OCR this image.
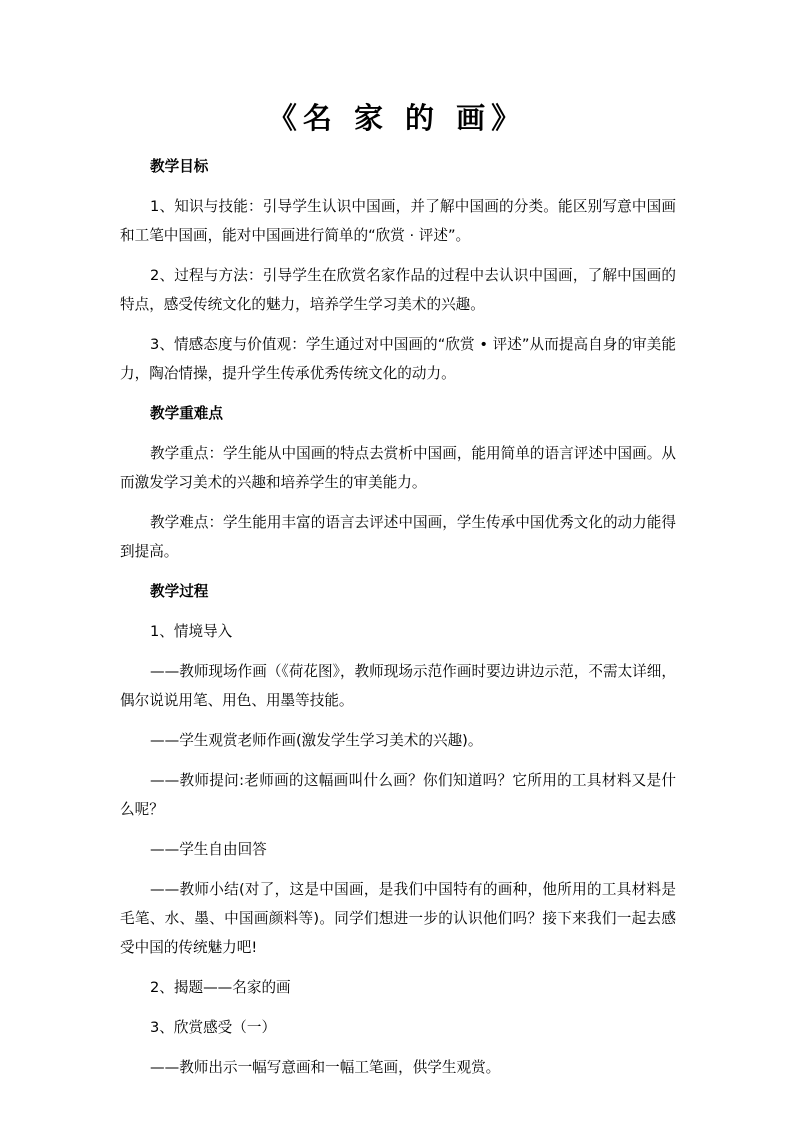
《名 家 的 画》

教学目标

1、知识与技能：引导学生认识中国画，并了解中国画的分类。能区别写意中国画和工笔中国画，能对中国画进行简单的“欣赏 · 评述”。

2、过程与方法：引导学生在欣赏名家作品的过程中去认识中国画，了解中国画的特点，感受传统文化的魅力，培养学生学习美术的兴趣。

3、情感态度与价值观：学生通过对中国画的“欣赏 • 评述”从而提高自身的审美能力，陶冶情操，提升学生传承优秀传统文化的动力。

教学重难点

教学重点：学生能从中国画的特点去赏析中国画，能用简单的语言评述中国画。从而激发学习美术的兴趣和培养学生的审美能力。

教学难点：学生能用丰富的语言去评述中国画，学生传承中国优秀文化的动力能得到提高。

教学过程

1、情境导入

——教师现场作画（《荷花图》，教师现场示范作画时要边讲边示范，不需太详细，偶尔说说用笔、用色、用墨等技能。

——学生观赏老师作画(激发学生学习美术的兴趣)。

——教师提问:老师画的这幅画叫什么画？你们知道吗？它所用的工具材料又是什么呢？

——学生自由回答

——教师小结(对了，这是中国画，是我们中国特有的画种，他所用的工具材料是毛笔、水、墨、中国画颜料等)。同学们想进一步的认识他们吗？接下来我们一起去感受中国的传统魅力吧!

2、揭题——名家的画

3、欣赏感受（一）

——教师出示一幅写意画和一幅工笔画，供学生观赏。
